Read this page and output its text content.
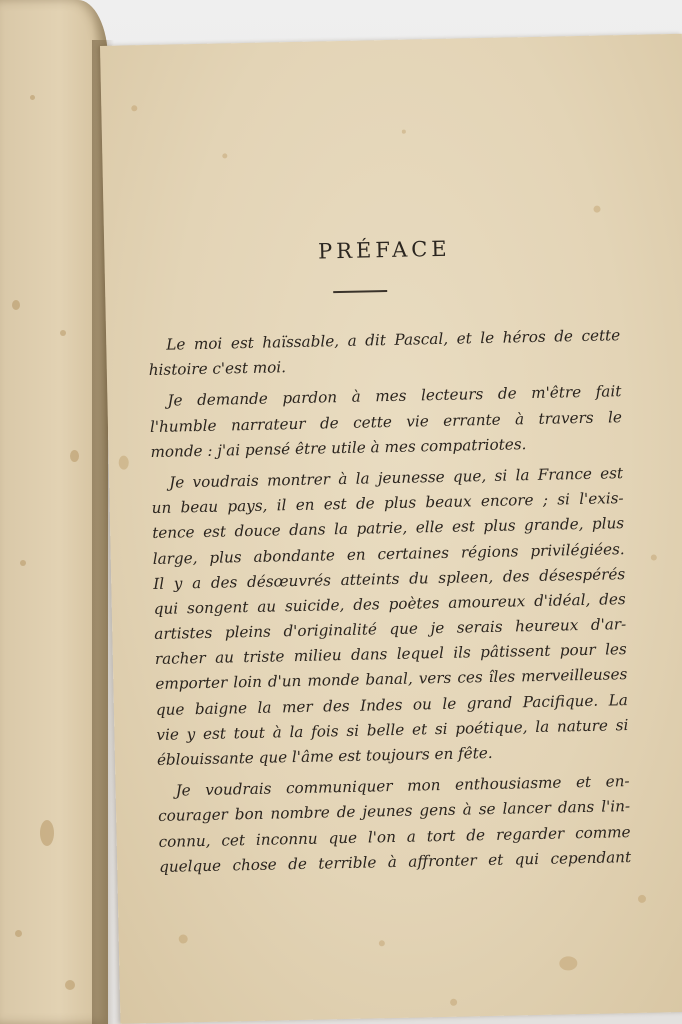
PRÉFACE
Le moi est haïssable, a dit Pascal, et le héros de cette
histoire c'est moi.
Je demande pardon à mes lecteurs de m'être fait
l'humble narrateur de cette vie errante à travers le
monde : j'ai pensé être utile à mes compatriotes.
Je voudrais montrer à la jeunesse que, si la France est
un beau pays, il en est de plus beaux encore ; si l'exis-
tence est douce dans la patrie, elle est plus grande, plus
large, plus abondante en certaines régions privilégiées.
Il y a des désœuvrés atteints du spleen, des désespérés
qui songent au suicide, des poètes amoureux d'idéal, des
artistes pleins d'originalité que je serais heureux d'ar-
racher au triste milieu dans lequel ils pâtissent pour les
emporter loin d'un monde banal, vers ces îles merveilleuses
que baigne la mer des Indes ou le grand Pacifique. La
vie y est tout à la fois si belle et si poétique, la nature si
éblouissante que l'âme est toujours en fête.
Je voudrais communiquer mon enthousiasme et en-
courager bon nombre de jeunes gens à se lancer dans l'in-
connu, cet inconnu que l'on a tort de regarder comme
quelque chose de terrible à affronter et qui cependant
